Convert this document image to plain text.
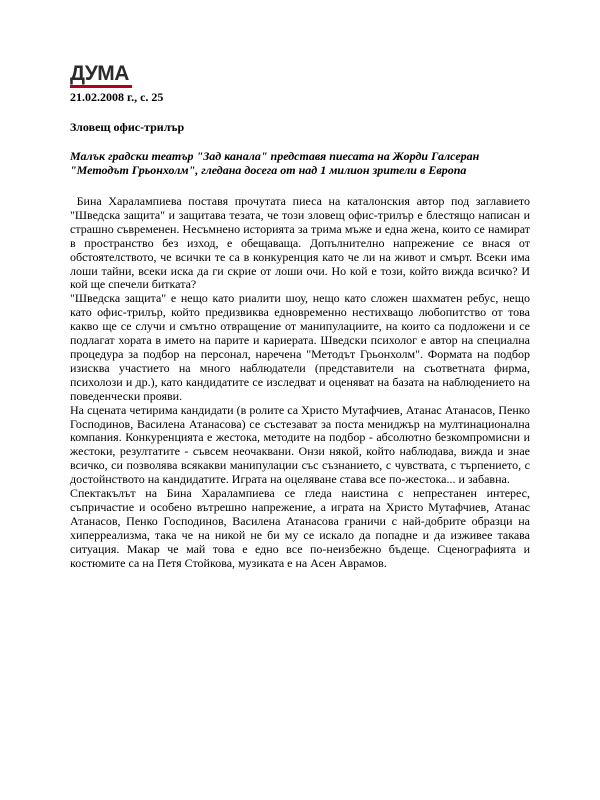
ДУМА
21.02.2008 г., с. 25
Зловещ офис-трилър
Малък градски театър "Зад канала" представя пиесата на Жорди Галсеран "Методът Грьонхолм", гледана досега от над 1 милион зрители в Европа

Бина Харалампиева поставя прочутата пиеса на каталонския автор под заглавието "Шведска защита" и защитава тезата, че този зловещ офис-трилър е блестящо написан и страшно съвременен. Несъмнено историята за трима мъже и една жена, които се намират в пространство без изход, е обещаваща. Допълнително напрежение се внася от обстоятелството, че всички те са в конкуренция като че ли на живот и смърт. Всеки има лоши тайни, всеки иска да ги скрие от лоши очи. Но кой е този, който вижда всичко? И кой ще спечели битката?

"Шведска защита" е нещо като риалити шоу, нещо като сложен шахматен ребус, нещо като офис-трилър, който предизвиква едновременно нестихващо любопитство от това какво ще се случи и смътно отвращение от манипулациите, на които са подложени и се подлагат хората в името на парите и кариерата. Шведски психолог е автор на специална процедура за подбор на персонал, наречена "Методът Грьонхолм". Формата на подбор изисква участието на много наблюдатели (представители на съответната фирма, психолози и др.), като кандидатите се изследват и оценяват на базата на наблюдението на поведенчески прояви.

На сцената четирима кандидати (в ролите са Христо Мутафчиев, Атанас Атанасов, Пенко Господинов, Василена Атанасова) се състезават за поста мениджър на мултинационална компания. Конкуренцията е жестока, методите на подбор - абсолютно безкомпромисни и жестоки, резултатите - съвсем неочаквани. Онзи някой, който наблюдава, вижда и знае всичко, си позволява всякакви манипулации със съзнанието, с чувствата, с търпението, с достойнството на кандидатите. Играта на оцеляване става все по-жестока... и забавна.

Спектакълът на Бина Харалампиева се гледа наистина с непрестанен интерес, съпричастие и особено вътрешно напрежение, а играта на Христо Мутафчиев, Атанас Атанасов, Пенко Господинов, Василена Атанасова граничи с най-добрите образци на хиперреализма, така че на никой не би му се искало да попадне и да изживее такава ситуация. Макар че май това е едно все по-неизбежно бъдеще. Сценографията и костюмите са на Петя Стойкова, музиката е на Асен Аврамов.
